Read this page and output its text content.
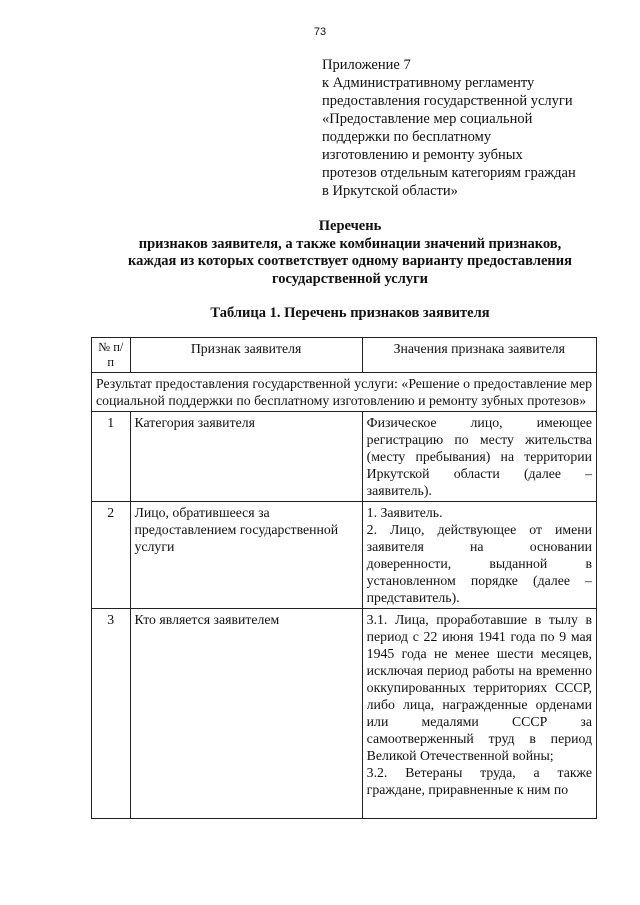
73
Приложение 7
к Административному регламенту
предоставления государственной услуги
«Предоставление мер социальной
поддержки по бесплатному
изготовлению и ремонту зубных
протезов отдельным категориям граждан
в Иркутской области»
Перечень
признаков заявителя, а также комбинации значений признаков,
каждая из которых соответствует одному варианту предоставления
государственной услуги
Таблица 1. Перечень признаков заявителя
№ п/п	Признак заявителя	Значения признака заявителя
Результат предоставления государственной услуги: «Решение о предоставление мер социальной поддержки по бесплатному изготовлению и ремонту зубных протезов»		
1	Категория заявителя	Физическое лицо, имеющее регистрацию по месту жительства (месту пребывания) на территории Иркутской области (далее – заявитель).
2	Лицо, обратившееся за предоставлением государственной услуги	1. Заявитель.
2. Лицо, действующее от имени заявителя на основании доверенности, выданной в установленном порядке (далее – представитель).

3	Кто является заявителем	3.1. Лица, проработавшие в тылу в период с 22 июня 1941 года по 9 мая 1945 года не менее шести месяцев, исключая период работы на временно оккупированных территориях СССР, либо лица, награжденные орденами или медалями СССР за самоотверженный труд в период Великой Отечественной войны;
3.2. Ветераны труда, а также граждане, приравненные к ним по
